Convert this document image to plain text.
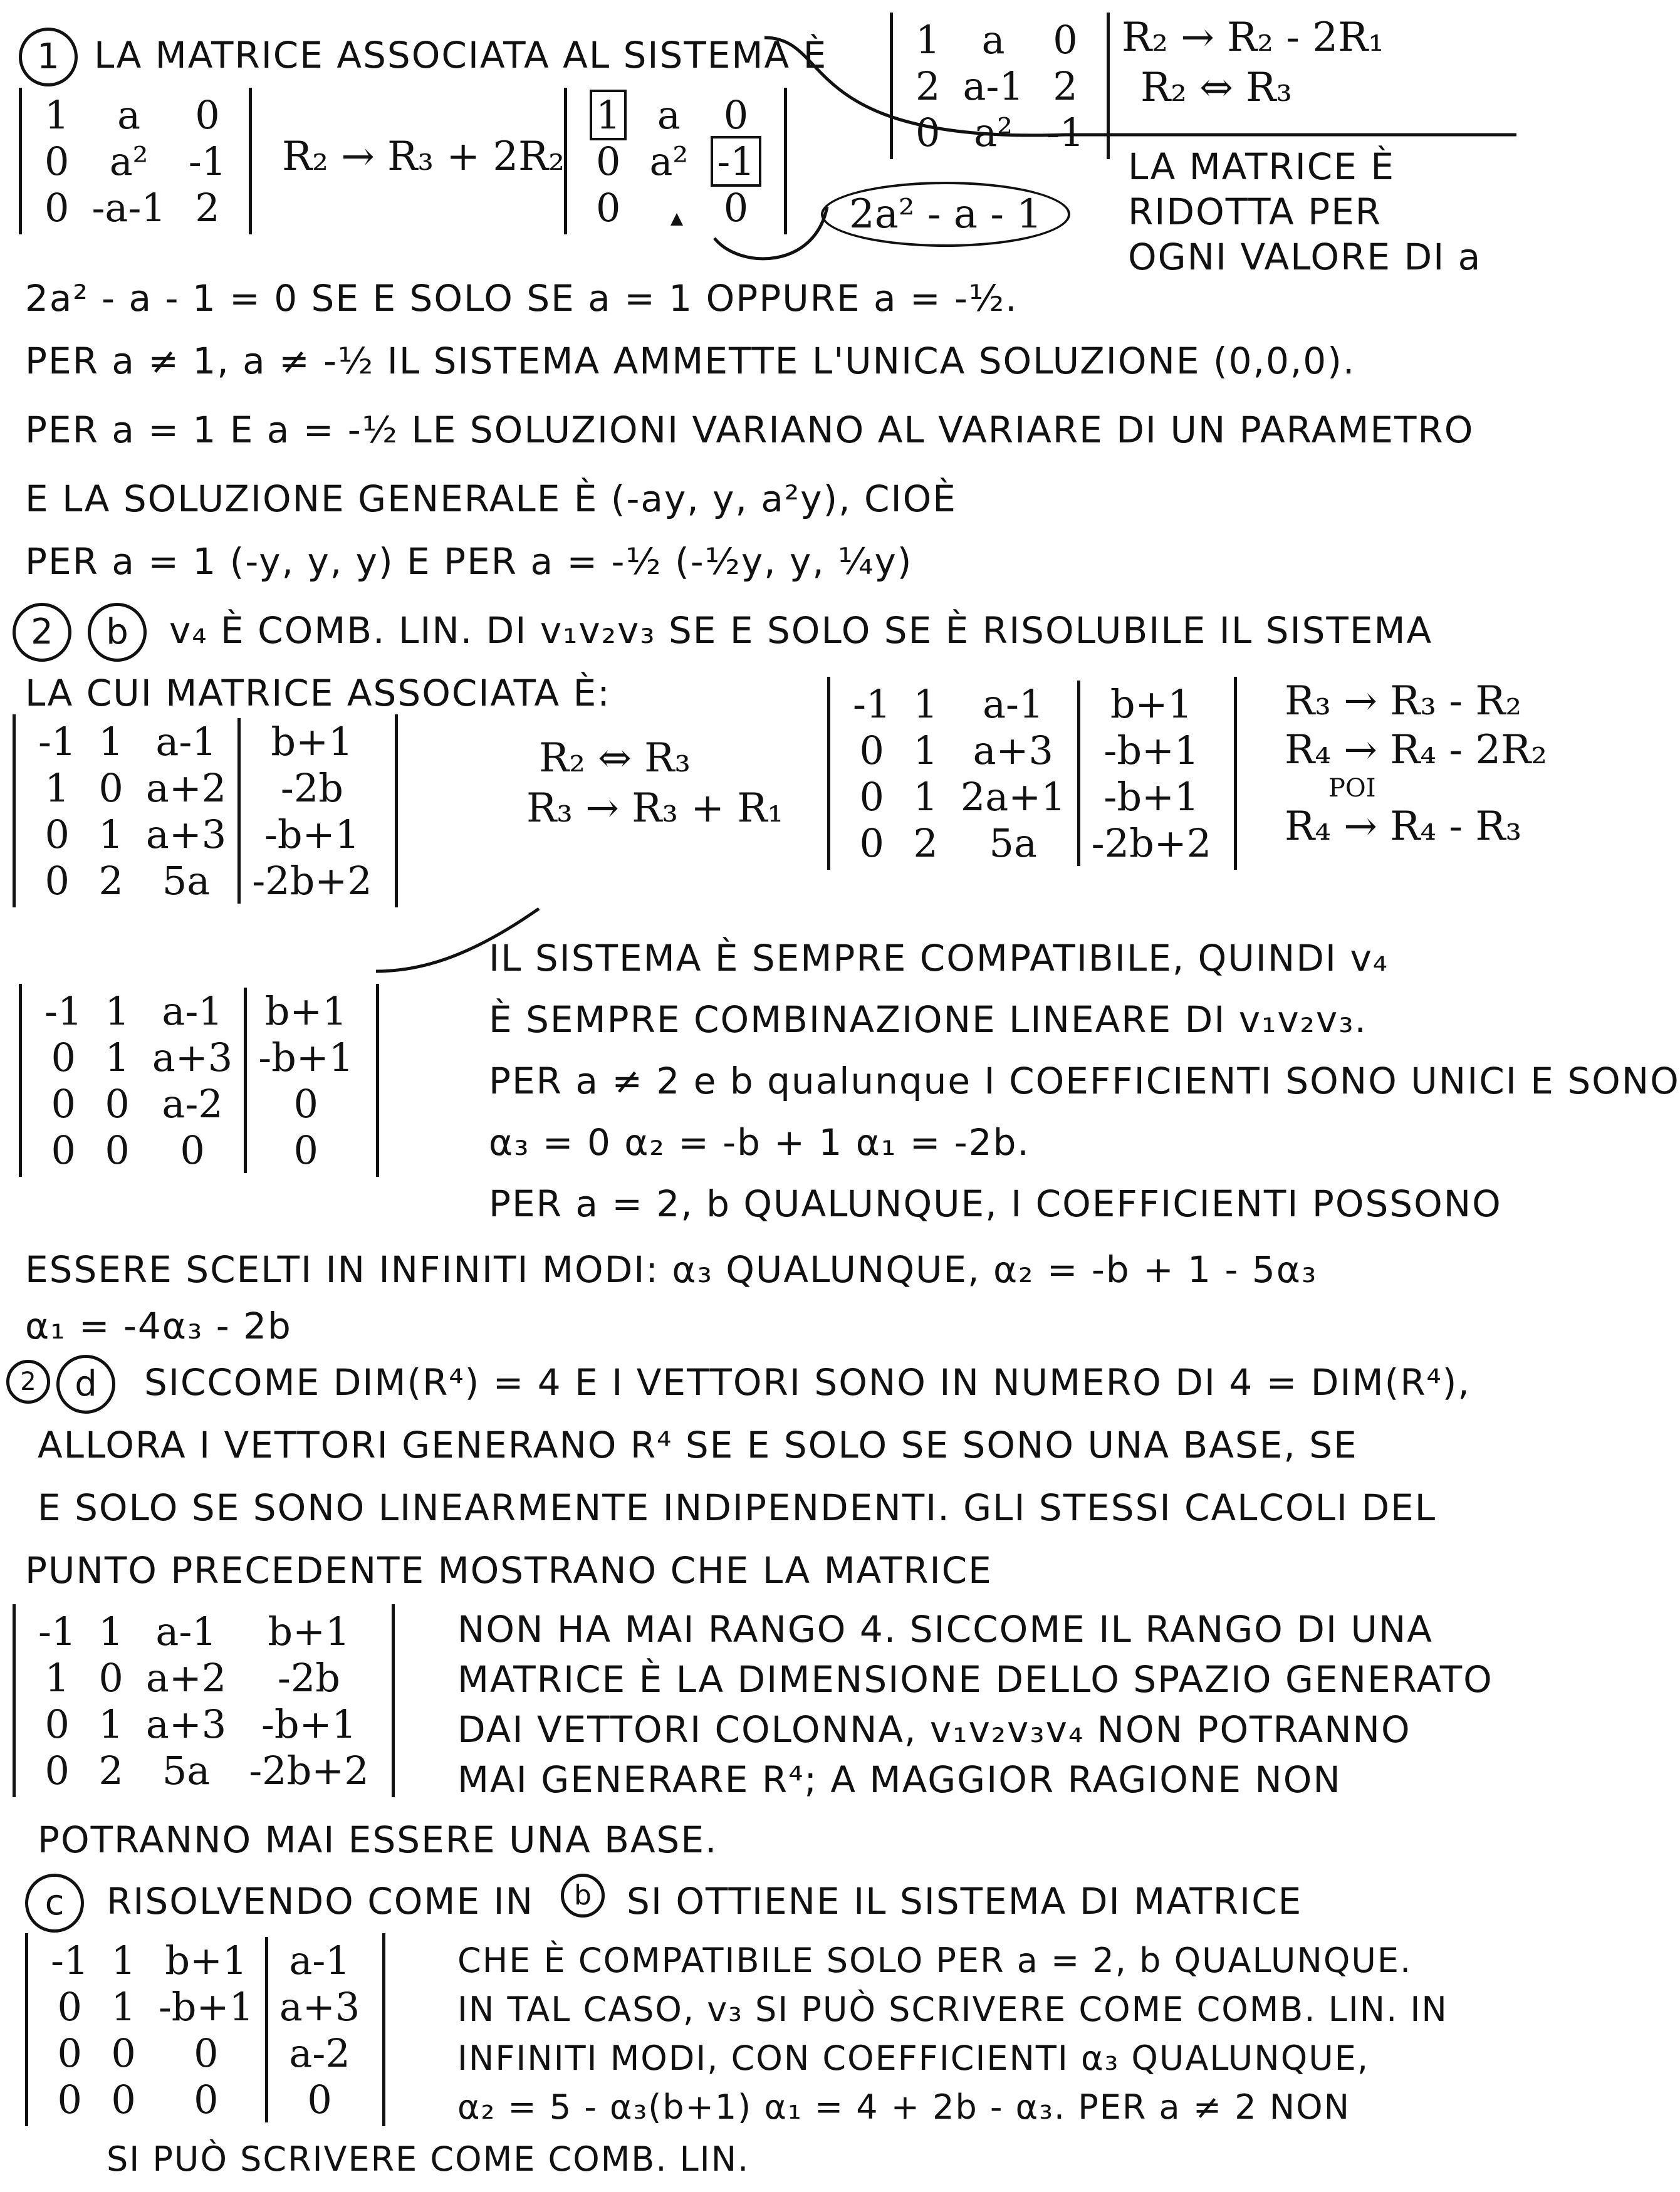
1 LA MATRICE ASSOCIATA AL SISTEMA È 1	a	0
2	a-1	2
0	a²	-1
R₂ → R₂ - 2R₁
R₂ ⇔ R₃
1	a	0
0	a²	-1
0	-a-1	2
R₂ → R₃ + 2R₂
1	a	0
0	a²	-1
0		0	2a² - a - 1
LA MATRICE È
RIDOTTA PER
OGNI VALORE DI a
2a² - a - 1 = 0 SE E SOLO SE a = 1 OPPURE a = -½.
PER a ≠ 1, a ≠ -½ IL SISTEMA AMMETTE L'UNICA SOLUZIONE (0,0,0).
PER a = 1 E a = -½ LE SOLUZIONI VARIANO AL VARIARE DI UN PARAMETRO
E LA SOLUZIONE GENERALE È (-ay, y, a²y), CIOÈ
PER a = 1 (-y, y, y) E PER a = -½ (-½y, y, ¼y)
2	b	v₄ È COMB. LIN. DI v₁v₂v₃ SE E SOLO SE È RISOLUBILE IL SISTEMA
LA CUI MATRICE ASSOCIATA È:
-1	1	a-1	b+1
1	0	a+2	-2b
0	1	a+3	-b+1
0	2	5a	-2b+2
R₂ ⇔ R₃
R₃ → R₃ + R₁
-1	1	a-1	b+1
0	1	a+3	-b+1
0	1	2a+1	-b+1
0	2	5a	-2b+2
R₃ → R₃ - R₂
R₄ → R₄ - 2R₂
POI
R₄ → R₄ - R₃
-1	1	a-1	b+1
0	1	a+3	-b+1
0	0	a-2	0
0	0	0	0
IL SISTEMA È SEMPRE COMPATIBILE, QUINDI v₄
È SEMPRE COMBINAZIONE LINEARE DI v₁v₂v₃.
PER a ≠ 2 e b qualunque I COEFFICIENTI SONO UNICI E SONO
α₃ = 0 α₂ = -b + 1 α₁ = -2b.
PER a = 2, b QUALUNQUE, I COEFFICIENTI POSSONO
ESSERE SCELTI IN INFINITI MODI: α₃ QUALUNQUE, α₂ = -b + 1 - 5α₃
α₁ = -4α₃ - 2b
2	d	SICCOME DIM(R⁴) = 4 E I VETTORI SONO IN NUMERO DI 4 = DIM(R⁴),
ALLORA I VETTORI GENERANO R⁴ SE E SOLO SE SONO UNA BASE, SE
E SOLO SE SONO LINEARMENTE INDIPENDENTI. GLI STESSI CALCOLI DEL
PUNTO PRECEDENTE MOSTRANO CHE LA MATRICE
-1	1	a-1	b+1
1	0	a+2	-2b
0	1	a+3	-b+1
0	2	5a	-2b+2
NON HA MAI RANGO 4. SICCOME IL RANGO DI UNA
MATRICE È LA DIMENSIONE DELLO SPAZIO GENERATO
DAI VETTORI COLONNA, v₁v₂v₃v₄ NON POTRANNO
MAI GENERARE R⁴; A MAGGIOR RAGIONE NON
POTRANNO MAI ESSERE UNA BASE.
c	RISOLVENDO COME IN	b SI OTTIENE IL SISTEMA DI MATRICE
-1	1	b+1	a-1
0	1	-b+1	a+3
0	0	0	a-2
0	0	0	0
CHE È COMPATIBILE SOLO PER a = 2, b QUALUNQUE.
IN TAL CASO, v₃ SI PUÒ SCRIVERE COME COMB. LIN. IN
INFINITI MODI, CON COEFFICIENTI α₃ QUALUNQUE,
α₂ = 5 - α₃(b+1) α₁ = 4 + 2b - α₃. PER a ≠ 2 NON
SI PUÒ SCRIVERE COME COMB. LIN.
